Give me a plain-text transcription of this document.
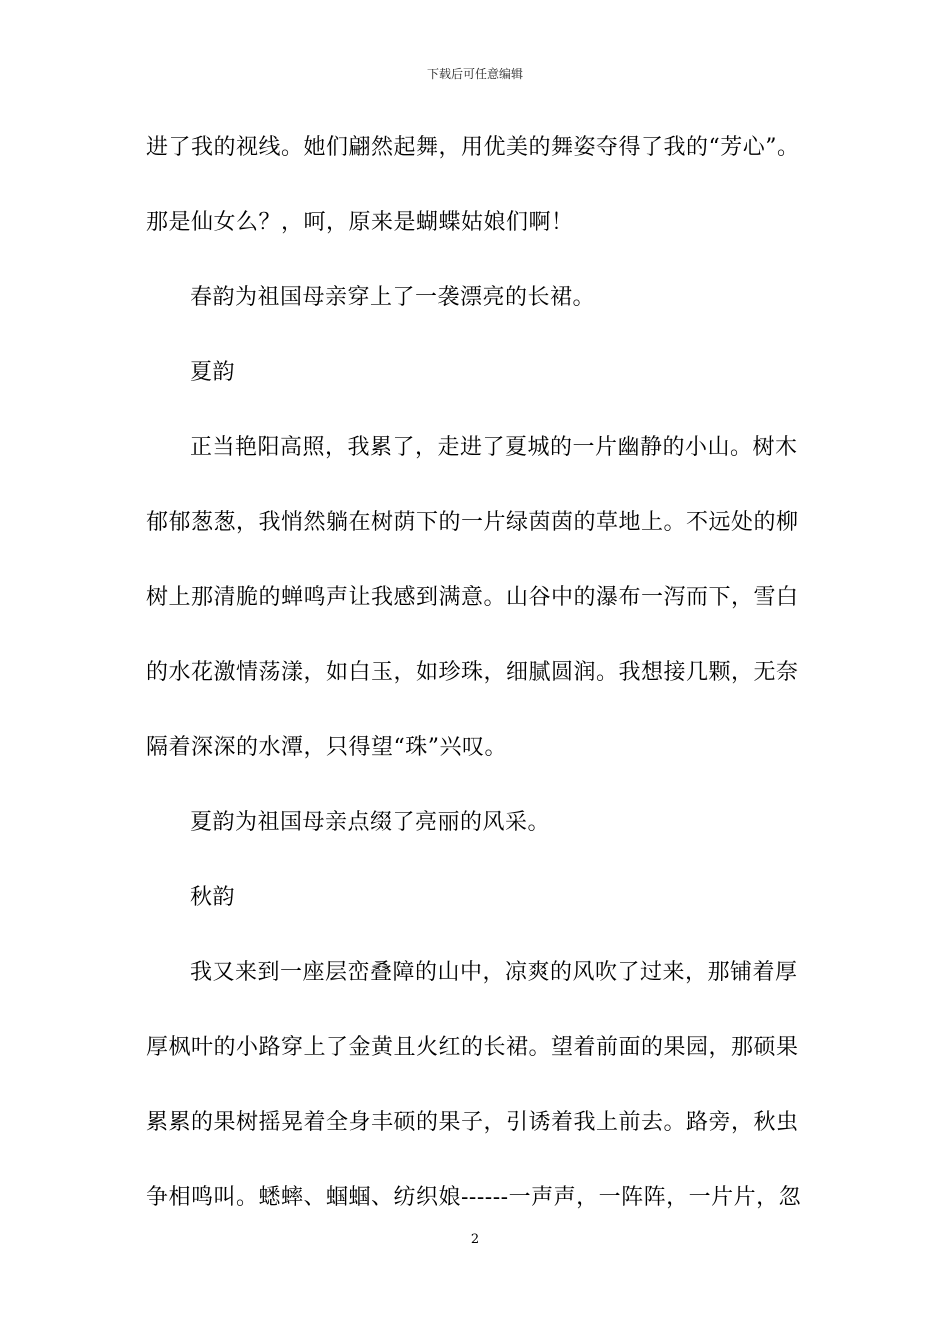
下载后可任意编辑
进了我的视线。她们翩然起舞，用优美的舞姿夺得了我的“芳心”。
那是仙女么？，呵，原来是蝴蝶姑娘们啊！
春韵为祖国母亲穿上了一袭漂亮的长裙。
夏韵
正当艳阳高照，我累了，走进了夏城的一片幽静的小山。树木
郁郁葱葱，我悄然躺在树荫下的一片绿茵茵的草地上。不远处的柳
树上那清脆的蝉鸣声让我感到满意。山谷中的瀑布一泻而下，雪白
的水花激情荡漾，如白玉，如珍珠，细腻圆润。我想接几颗，无奈
隔着深深的水潭，只得望“珠”兴叹。
夏韵为祖国母亲点缀了亮丽的风采。
秋韵
我又来到一座层峦叠障的山中，凉爽的风吹了过来，那铺着厚
厚枫叶的小路穿上了金黄且火红的长裙。望着前面的果园，那硕果
累累的果树摇晃着全身丰硕的果子，引诱着我上前去。路旁，秋虫
争相鸣叫。蟋蟀、蝈蝈、纺织娘------一声声，一阵阵，一片片，忽
2
